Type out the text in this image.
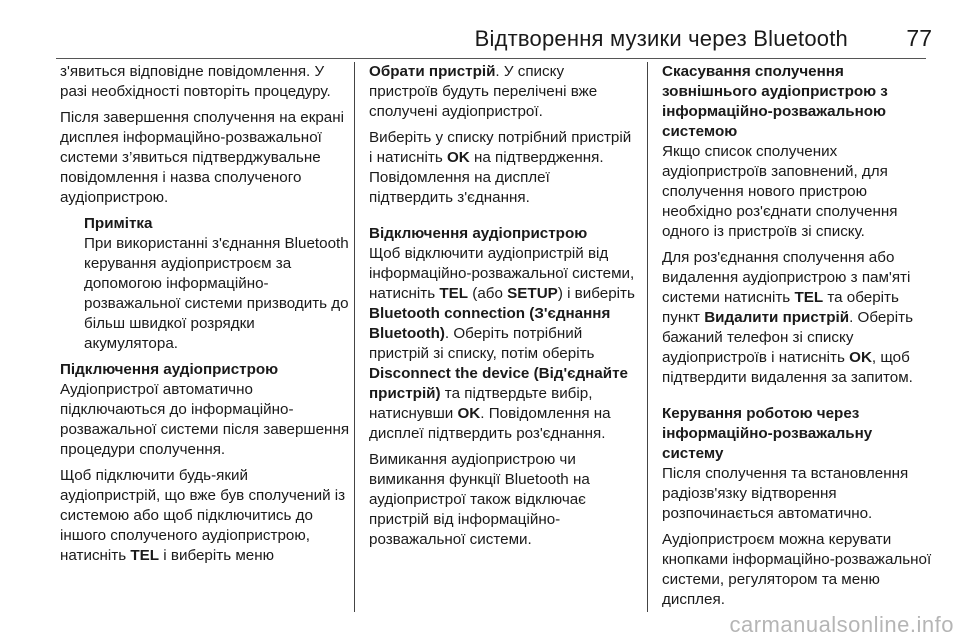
Відтворення музики через Bluetooth	77

з'явиться відповідне повідомлення. У разі необхідності повторіть процедуру.

Після завершення сполучення на екрані дисплея інформаційно-розважальної системи з’явиться підтверджувальне повідомлення і назва сполученого аудіопристрою.

Примітка

При використанні з'єднання Bluetooth керування аудіопристроєм за допомогою інформаційно-розважальної системи призводить до більш швидкої розрядки акумулятора.

Підключення аудіопристрою

Аудіопристрої автоматично підключаються до інформаційно-розважальної системи після завершення процедури сполучення.

Щоб підключити будь-який аудіопристрій, що вже був сполучений із системою або щоб підключитись до іншого сполученого аудіопристрою, натисніть TEL і виберіть меню

Обрати пристрій. У списку пристроїв будуть перелічені вже сполучені аудіопристрої.

Виберіть у списку потрібний пристрій і натисніть OK на підтвердження. Повідомлення на дисплеї підтвердить з'єднання.

Відключення аудіопристрою

Щоб відключити аудіопристрій від інформаційно-розважальної системи, натисніть TEL (або SETUP) і виберіть Bluetooth connection (З'єднання Bluetooth). Оберіть потрібний пристрій зі списку, потім оберіть Disconnect the device (Від'єднайте пристрій) та підтвердьте вибір, натиснувши OK. Повідомлення на дисплеї підтвердить роз'єднання.

Вимикання аудіопристрою чи вимикання функції Bluetooth на аудіопристрої також відключає пристрій від інформаційно-розважальної системи.

Скасування сполучення зовнішнього аудіопристрою з інформаційно-розважальною системою

Якщо список сполучених аудіопристроїв заповнений, для сполучення нового пристрою необхідно роз'єднати сполучення одного із пристроїв зі списку.

Для роз'єднання сполучення або видалення аудіопристрою з пам'яті системи натисніть TEL та оберіть пункт Видалити пристрій. Оберіть бажаний телефон зі списку аудіопристроїв і натисніть OK, щоб підтвердити видалення за запитом.

Керування роботою через інформаційно-розважальну систему

Після сполучення та встановлення радіозв'язку відтворення розпочинається автоматично.

Аудіопристроєм можна керувати кнопками інформаційно-розважальної системи, регулятором та меню дисплея.

carmanualsonline.info
